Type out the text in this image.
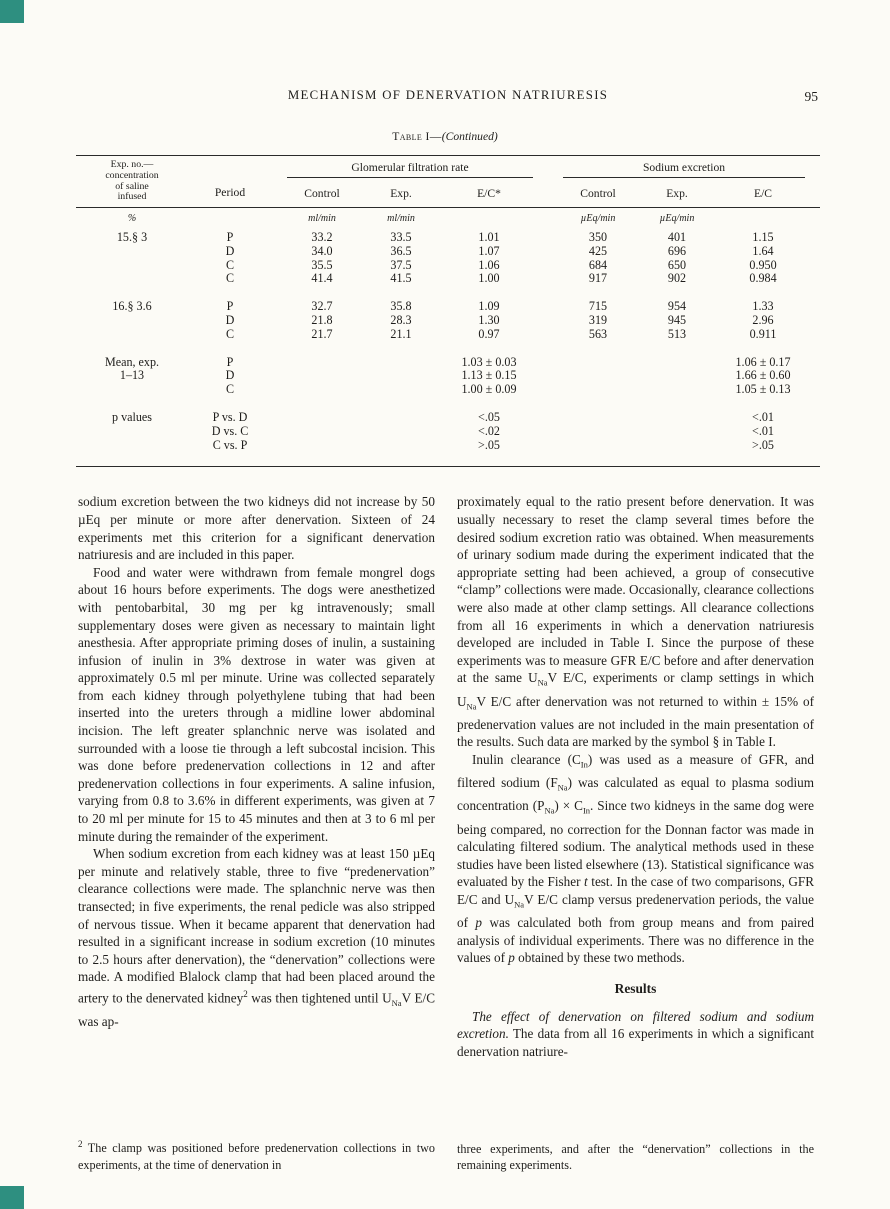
MECHANISM OF DENERVATION NATRIURESIS	95
Table I—(Continued)
Exp. no.—
concentration
of saline
infused	Period	Glomerular filtration rate			Sodium excretion		

		Control	Exp.	E/C*	Control	Exp.	E/C
%		ml/min	ml/min		µEq/min	µEq/min	

15.§ 3	P	33.2	33.5	1.01	350	401	1.15
	D	34.0	36.5	1.07	425	696	1.64
	C	35.5	37.5	1.06	684	650	0.950
	C	41.4	41.5	1.00	917	902	0.984

16.§ 3.6	P	32.7	35.8	1.09	715	954	1.33
	D	21.8	28.3	1.30	319	945	2.96
	C	21.7	21.1	0.97	563	513	0.911

Mean, exp.
1–13	P			1.03 ± 0.03			1.06 ± 0.17
	D			1.13 ± 0.15			1.66 ± 0.60
	C			1.00 ± 0.09			1.05 ± 0.13

p values	P vs. D			<.05			<.01
	D vs. C			<.02			<.01
	C vs. P			>.05			>.05

sodium excretion between the two kidneys did not increase by 50 µEq per minute or more after denervation. Sixteen of 24 experiments met this criterion for a significant denervation natriuresis and are included in this paper.

Food and water were withdrawn from female mongrel dogs about 16 hours before experiments. The dogs were anesthetized with pentobarbital, 30 mg per kg intravenously; small supplementary doses were given as necessary to maintain light anesthesia. After appropriate priming doses of inulin, a sustaining infusion of inulin in 3% dextrose in water was given at approximately 0.5 ml per minute. Urine was collected separately from each kidney through polyethylene tubing that had been inserted into the ureters through a midline lower abdominal incision. The left greater splanchnic nerve was isolated and surrounded with a loose tie through a left subcostal incision. This was done before predenervation collections in 12 and after predenervation collections in four experiments. A saline infusion, varying from 0.8 to 3.6% in different experiments, was given at 7 to 20 ml per minute for 15 to 45 minutes and then at 3 to 6 ml per minute during the remainder of the experiment.

When sodium excretion from each kidney was at least 150 µEq per minute and relatively stable, three to five “predenervation” clearance collections were made. The splanchnic nerve was then transected; in five experiments, the renal pedicle was also stripped of nervous tissue. When it became apparent that denervation had resulted in a significant increase in sodium excretion (10 minutes to 2.5 hours after denervation), the “denervation” collections were made. A modified Blalock clamp that had been placed around the artery to the denervated kidney$^2$ was then tightened until $U_{Na}V$ E/C was ap-

$^2$ The clamp was positioned before predenervation collections in two experiments, at the time of denervation in

proximately equal to the ratio present before denervation. It was usually necessary to reset the clamp several times before the desired sodium excretion ratio was obtained. When measurements of urinary sodium made during the experiment indicated that the appropriate setting had been achieved, a group of consecutive “clamp” collections were made. Occasionally, clearance collections were also made at other clamp settings. All clearance collections from all 16 experiments in which a denervation natriuresis developed are included in Table I. Since the purpose of these experiments was to measure GFR E/C before and after denervation at the same $U_{Na}V$ E/C, experiments or clamp settings in which $U_{Na}V$ E/C after denervation was not returned to within ± 15% of predenervation values are not included in the main presentation of the results. Such data are marked by the symbol § in Table I.

Inulin clearance $(C_{In})$ was used as a measure of GFR, and filtered sodium $(F_{Na})$ was calculated as equal to plasma sodium concentration $(P_{Na}) \times C_{In}$. Since two kidneys in the same dog were being compared, no correction for the Donnan factor was made in calculating filtered sodium. The analytical methods used in these studies have been listed elsewhere (13). Statistical significance was evaluated by the Fisher t test. In the case of two comparisons, GFR E/C and $U_{Na}V$ E/C clamp versus predenervation periods, the value of p was calculated both from group means and from paired analysis of individual experiments. There was no difference in the values of p obtained by these two methods.

Results

The effect of denervation on filtered sodium and sodium excretion. The data from all 16 experiments in which a significant denervation natriure-

three experiments, and after the “denervation” collections in the remaining experiments.
